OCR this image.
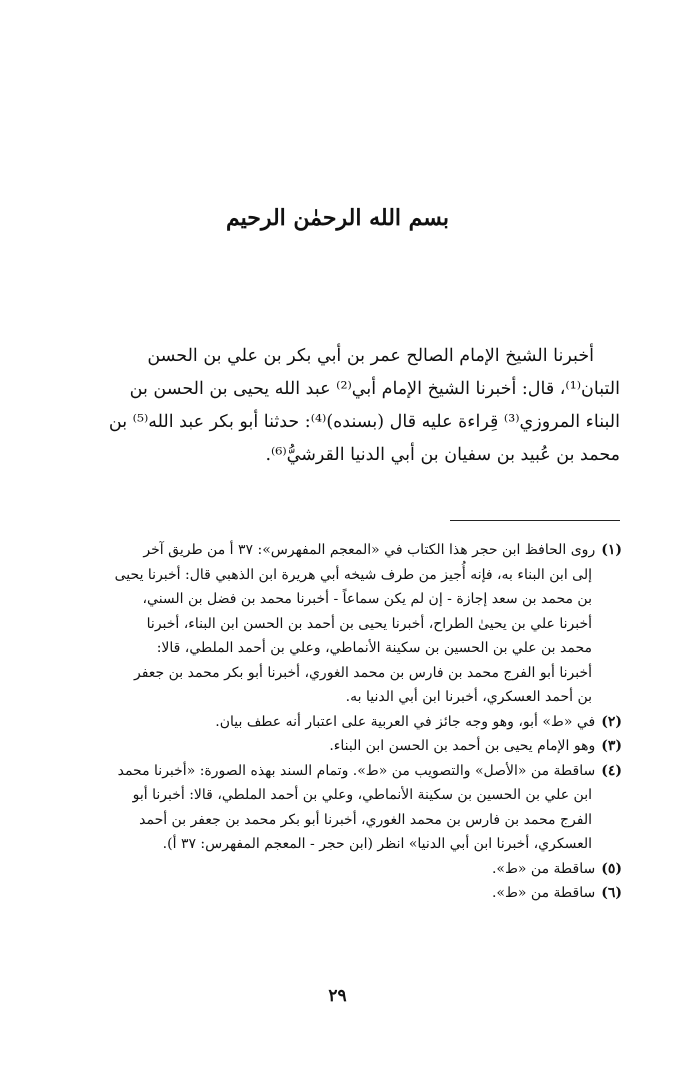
بسم الله الرحمٰن الرحيم

أخبرنا الشيخ الإمام الصالح عمر بن أبي بكر بن علي بن الحسن

التبان⁽¹⁾، قال: أخبرنا الشيخ الإمام أبي⁽²⁾ عبد الله يحيى بن الحسن بن

البناء المروزي⁽³⁾ قِراءة عليه قال (بسنده)⁽⁴⁾: حدثنا أبو بكر عبد الله⁽⁵⁾ بن

محمد بن عُبيد بن سفيان بن أبي الدنيا القرشيُّ⁽⁶⁾.

(١)روى الحافظ ابن حجر هذا الكتاب في «المعجم المفهرس»: ٣٧ أ من طريق آخر
إلى ابن البناء به، فإنه أُجيز من طرف شيخه أبي هريرة ابن الذهبي قال: أخبرنا يحيى
بن محمد بن سعد إجازة - إن لم يكن سماعاً - أخبرنا محمد بن فضل بن السني،
أخبرنا علي بن يحيىٰ الطراح، أخبرنا يحيى بن أحمد بن الحسن ابن البناء، أخبرنا
محمد بن علي بن الحسين بن سكينة الأنماطي، وعلي بن أحمد الملطي، قالا:
أخبرنا أبو الفرج محمد بن فارس بن محمد الغوري، أخبرنا أبو بكر محمد بن جعفر
بن أحمد العسكري، أخبرنا ابن أبي الدنيا به.
(٢)في «ط» أبو، وهو وجه جائز في العربية على اعتبار أنه عطف بيان.
(٣)وهو الإمام يحيى بن أحمد بن الحسن ابن البناء.
(٤)ساقطة من «الأصل» والتصويب من «ط». وتمام السند بهذه الصورة: «أخبرنا محمد
ابن علي بن الحسين بن سكينة الأنماطي، وعلي بن أحمد الملطي، قالا: أخبرنا أبو
الفرج محمد بن فارس بن محمد الغوري، أخبرنا أبو بكر محمد بن جعفر بن أحمد
العسكري، أخبرنا ابن أبي الدنيا» انظر (ابن حجر - المعجم المفهرس: ٣٧ أ).
(٥)ساقطة من «ط».
(٦)ساقطة من «ط».
٢٩
